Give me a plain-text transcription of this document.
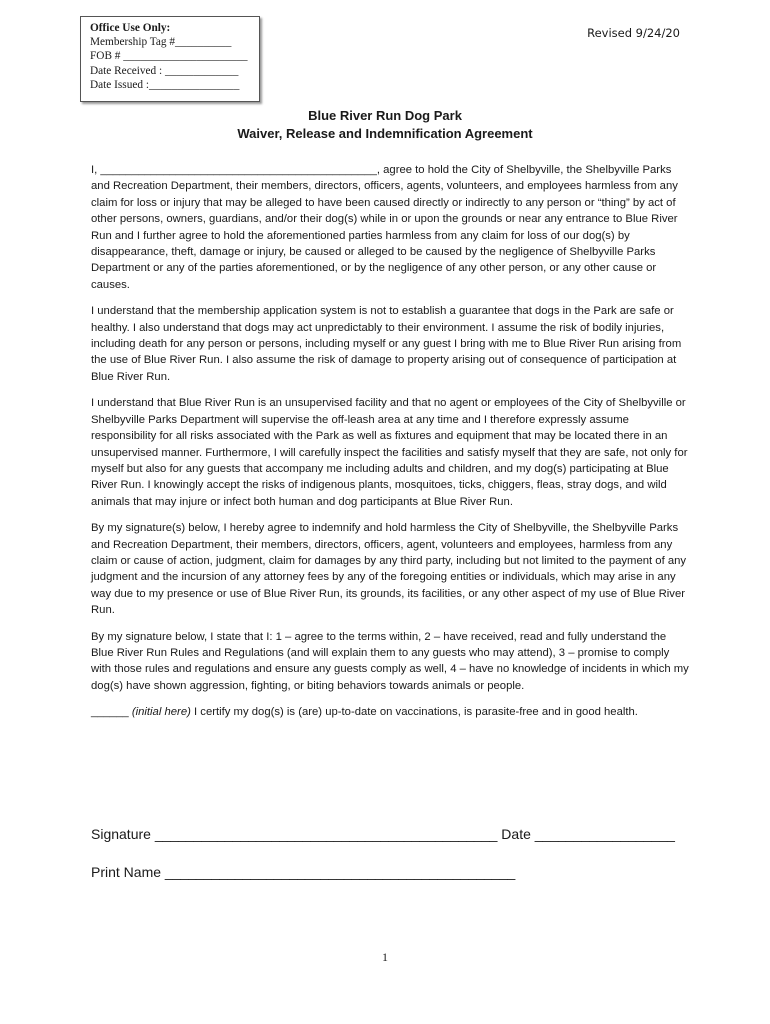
Office Use Only:
Membership Tag #__________
FOB # ______________________
Date Received : _____________
Date Issued :________________
Revised 9/24/20
Blue River Run Dog Park
Waiver, Release and Indemnification Agreement

I, ____________________________________________, agree to hold the City of Shelbyville, the Shelbyville Parks and Recreation Department, their members, directors, officers, agents, volunteers, and employees harmless from any claim for loss or injury that may be alleged to have been caused directly or indirectly to any person or “thing” by act of other persons, owners, guardians, and/or their dog(s) while in or upon the grounds or near any entrance to Blue River Run and I further agree to hold the aforementioned parties harmless from any claim for loss of our dog(s) by disappearance, theft, damage or injury, be caused or alleged to be caused by the negligence of Shelbyville Parks Department or any of the parties aforementioned, or by the negligence of any other person, or any other cause or causes.

I understand that the membership application system is not to establish a guarantee that dogs in the Park are safe or healthy. I also understand that dogs may act unpredictably to their environment. I assume the risk of bodily injuries, including death for any person or persons, including myself or any guest I bring with me to Blue River Run arising from the use of Blue River Run. I also assume the risk of damage to property arising out of consequence of participation at Blue River Run.

I understand that Blue River Run is an unsupervised facility and that no agent or employees of the City of Shelbyville or Shelbyville Parks Department will supervise the off-leash area at any time and I therefore expressly assume responsibility for all risks associated with the Park as well as fixtures and equipment that may be located there in an unsupervised manner. Furthermore, I will carefully inspect the facilities and satisfy myself that they are safe, not only for myself but also for any guests that accompany me including adults and children, and my dog(s) participating at Blue River Run. I knowingly accept the risks of indigenous plants, mosquitoes, ticks, chiggers, fleas, stray dogs, and wild animals that may injure or infect both human and dog participants at Blue River Run.

By my signature(s) below, I hereby agree to indemnify and hold harmless the City of Shelbyville, the Shelbyville Parks and Recreation Department, their members, directors, officers, agent, volunteers and employees, harmless from any claim or cause of action, judgment, claim for damages by any third party, including but not limited to the payment of any judgment and the incursion of any attorney fees by any of the foregoing entities or individuals, which may arise in any way due to my presence or use of Blue River Run, its grounds, its facilities, or any other aspect of my use of Blue River Run.

By my signature below, I state that I: 1 – agree to the terms within, 2 – have received, read and fully understand the Blue River Run Rules and Regulations (and will explain them to any guests who may attend), 3 – promise to comply with those rules and regulations and ensure any guests comply as well, 4 – have no knowledge of incidents in which my dog(s) have shown aggression, fighting, or biting behaviors towards animals or people.

______ (initial here) I certify my dog(s) is (are) up-to-date on vaccinations, is parasite-free and in good health.

Signature ____________________________________________ Date __________________
Print Name _____________________________________________
1
